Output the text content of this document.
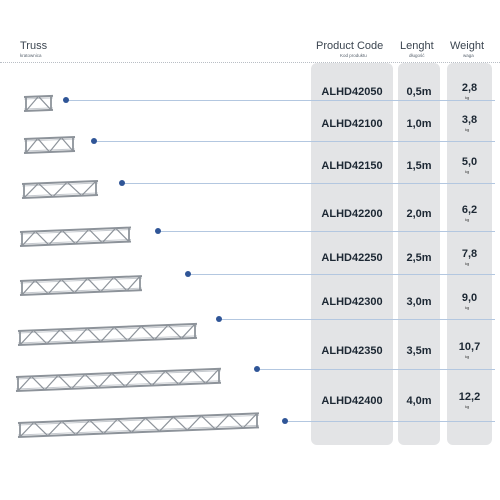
Truss
kratownica
Product Code
Kod produktu
Lenght
długość
Weight
waga
ALHD42050	0,5m	2,8
kg
ALHD42100	1,0m	3,8
kg
ALHD42150	1,5m	5,0
kg
ALHD42200	2,0m	6,2
kg
ALHD42250	2,5m	7,8
kg
ALHD42300	3,0m	9,0
kg
ALHD42350	3,5m	10,7
kg
ALHD42400	4,0m	12,2
kg
